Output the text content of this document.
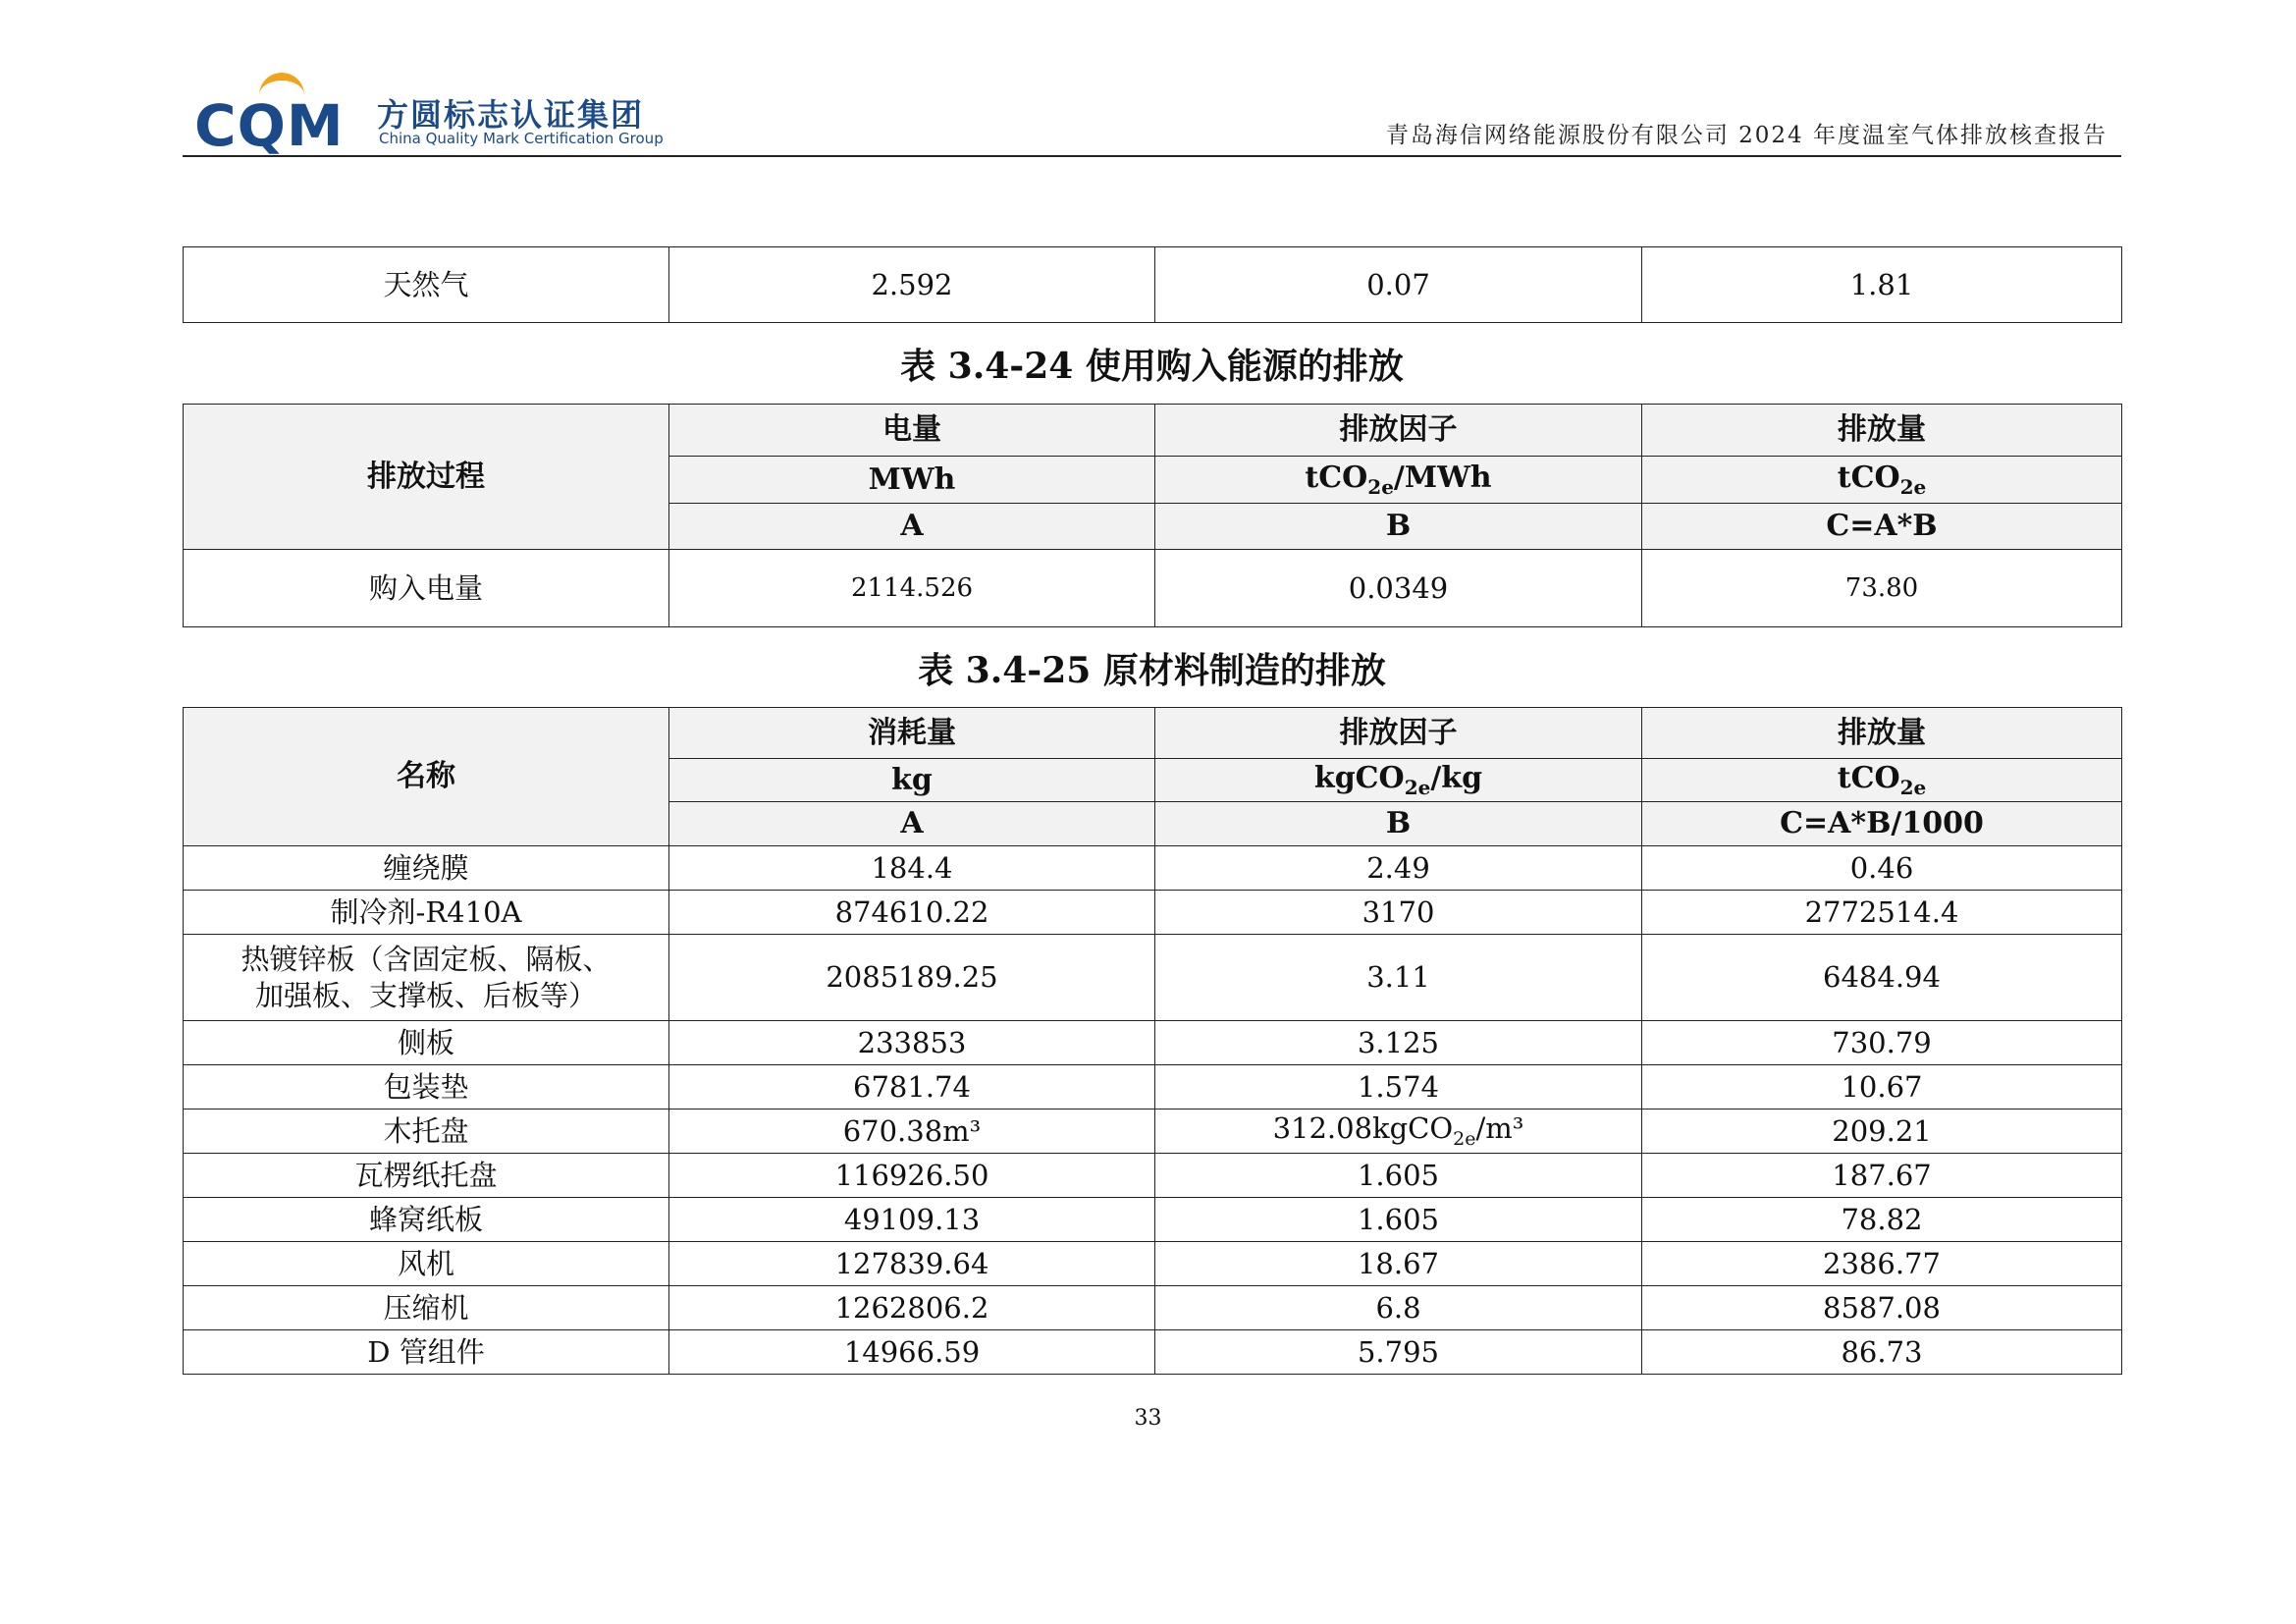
CQM 方圆标志认证集团
China Quality Mark Certification Group	青岛海信网络能源股份有限公司 2024 年度温室气体排放核查报告
天然气	2.592	0.07	1.81
表 3.4-24 使用购入能源的排放
排放过程	电量	排放因子	排放量
	MWh	tCO$_{2e}$/MWh	tCO$_{2e}$
	A	B	C=A*B
购入电量	2114.526	0.0349	73.80
表 3.4-25 原材料制造的排放
名称	消耗量	排放因子	排放量
	kg	kgCO$_{2e}$/kg	tCO$_{2e}$
	A	B	C=A*B/1000
缠绕膜	184.4	2.49	0.46
制冷剂-R410A	874610.22	3170	2772514.4

热镀锌板（含固定板、隔板、
加强板、支撑板、后板等）	2085189.25	3.11	6484.94
侧板	233853	3.125	730.79
包装垫	6781.74	1.574	10.67
木托盘	670.38m³	312.08kgCO$_{2e}$/m³	209.21
瓦楞纸托盘	116926.50	1.605	187.67
蜂窝纸板	49109.13	1.605	78.82
风机	127839.64	18.67	2386.77
压缩机	1262806.2	6.8	8587.08
D 管组件	14966.59	5.795	86.73
33
